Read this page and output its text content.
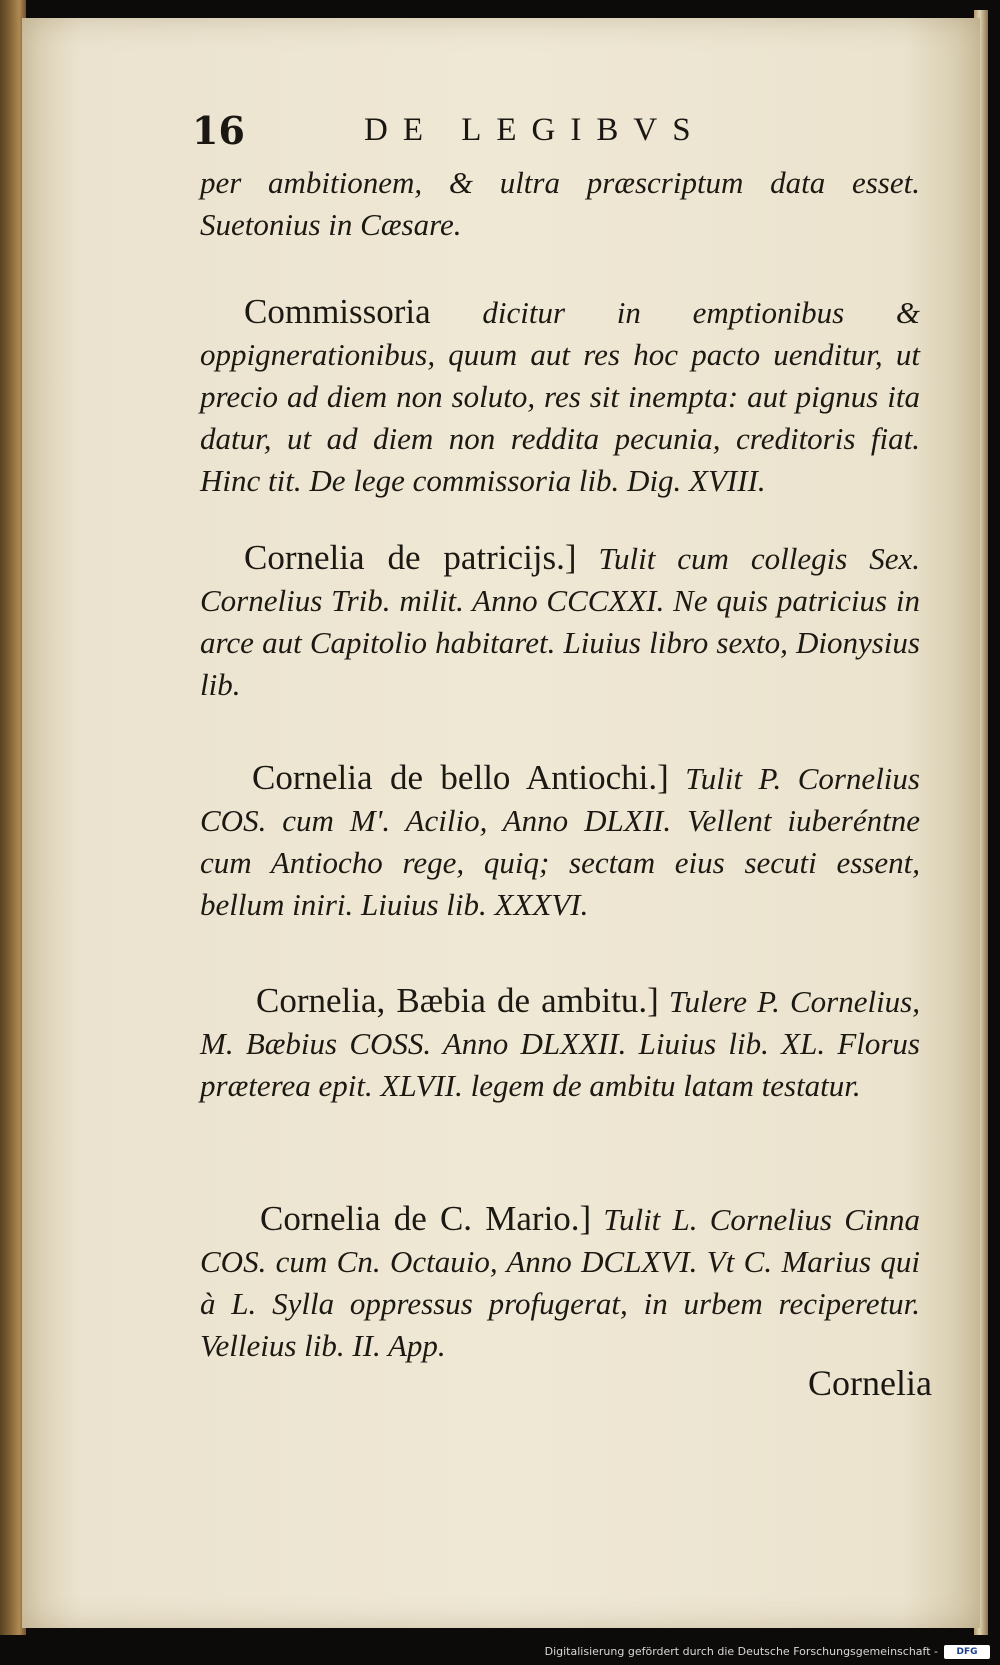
16	DE LEGIBVS

per ambitionem, & ultra præscriptum data esset. Suetonius in Cæsare.

Commissoria dicitur in emptionibus & oppignerationibus, quum aut res hoc pacto uenditur, ut precio ad diem non soluto, res sit inempta: aut pignus ita datur, ut ad diem non reddita pecunia, creditoris fiat. Hinc tit. De lege commissoria lib. Dig. XVIII.

Cornelia de patricijs.] Tulit cum collegis Sex. Cornelius Trib. milit. Anno CCCXXI. Ne quis patricius in arce aut Capitolio habitaret. Liuius libro sexto, Dionysius lib.

Cornelia de bello Antiochi.] Tulit P. Cornelius COS. cum M'. Acilio, Anno DLXII. Vellent iuberéntne cum Antiocho rege, quiq; sectam eius secuti essent, bellum iniri. Liuius lib. XXXVI.

Cornelia, Bæbia de ambitu.] Tulere P. Cornelius, M. Bæbius COSS. Anno DLXXII. Liuius lib. XL. Florus prætereа epit. XLVII. legem de ambitu latam testatur.

Cornelia de C. Mario.] Tulit L. Cornelius Cinna COS. cum Cn. Octauio, Anno DCLXVI. Vt C. Marius qui à L. Sylla oppressus profugerat, in urbem reciperetur. Velleius lib. II. App.

Cornelia
Digitalisierung gefördert durch die Deutsche Forschungsgemeinschaft -	DFG
